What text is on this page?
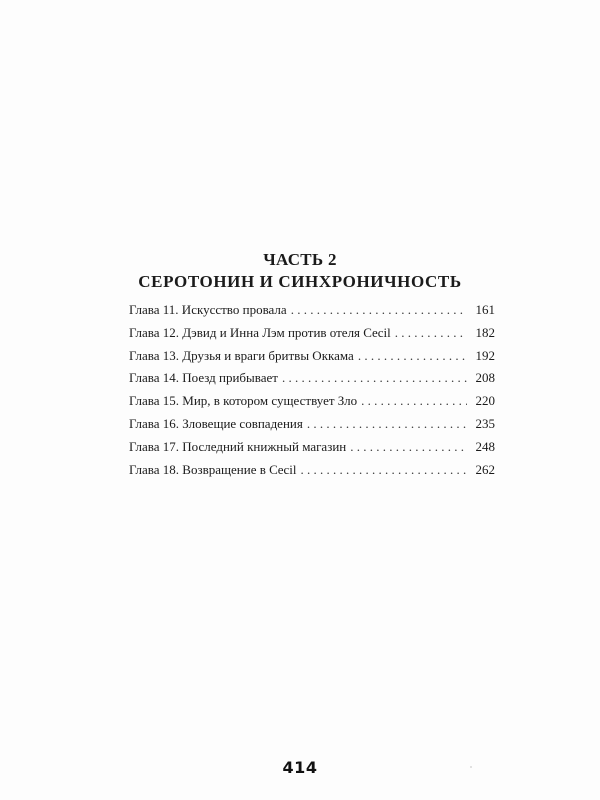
ЧАСТЬ 2
СЕРОТОНИН И СИНХРОНИЧНОСТЬ
Глава 11. Искусство провала . . .	161
Глава 12. Дэвид и Инна Лэм против отеля Cecil . . .	182
Глава 13. Друзья и враги бритвы Оккама . . .	192
Глава 14. Поезд прибывает . . .	208
Глава 15. Мир, в котором существует Зло . . .	220
Глава 16. Зловещие совпадения . . .	235
Глава 17. Последний книжный магазин . . .	248
Глава 18. Возвращение в Cecil . . .	262
414
